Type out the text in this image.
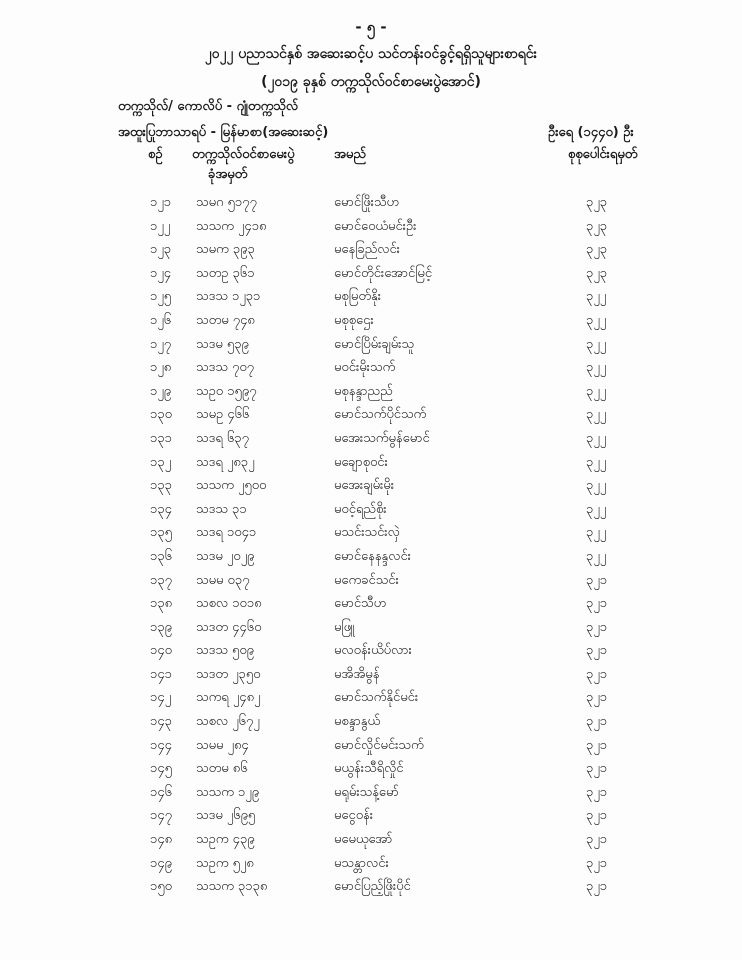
- ၅ -
၂၀၂၂ ပညာသင်နှစ် အဆေးဆင့်ပ သင်တန်းဝင်ခွင့်ရရှိသူများစာရင်း
(၂၀၁၉ ခုနှစ် တက္ကသိုလ်ဝင်စာမေးပွဲအောင်)
တက္ကသိုလ်/ ကောလိပ် - ဂျုံတက္ကသိုလ်
အထူးပြုဘာသာရပ် - မြန်မာစာ(အဆေးဆင့်)	ဦးရေ (၁၄၄၀) ဦး
စဉ် တက္ကသိုလ်ဝင်စာမေးပွဲ
ခုံအမှတ်
အမည်	စုစုပေါင်းရမှတ်
၁၂၁ သမဂ ၅၁၇၇	မောင်ဖြိုးသီဟ	၃၂၃
၁၂၂ သသက ၂၄၁၈	မောင်ဝေယံမင်းဦး	၃၂၃
၁၂၃ သမက ၃၉၃	မနေခြည်လင်း	၃၂၃
၁၂၄ သတဥ ၃၆၁	မောင်တိုင်းအောင်မြင့်	၃၂၃
၁၂၅ သဒသ ၁၂၃၁	မစုမြတ်နိုး	၃၂၂
၁၂၆ သတမ ၇၄၈	မစုစုဌေး	၃၂၂
၁၂၇ သဒမ ၅၃၉	မောင်ပြိမ်းချမ်းသူ	၃၂၂
၁၂၈ သဒသ ၇၀၇	မဝင်းမိုးသက်	၃၂၂
၁၂၉ သဥဝ ၁၅၉၇	မစုနန္ဒာညည်	၃၂၂
၁၃၀ သမဥ ၄၆၆	မောင်သက်ပိုင်သက်	၃၂၂
၁၃၁ သဒရ ၆၃၇	မအေးသက်မွန်မောင်	၃၂၂
၁၃၂ သဒရ ၂၈၃၂	မချောစုဝင်း	၃၂၂
၁၃၃ သသက ၂၅၀၀	မအေးချမ်းမိုး	၃၂၂
၁၃၄ သဒသ ၃၁	မဝင့်ရည်စိုး	၃၂၂
၁၃၅ သဒရ ၁၀၄၁	မသင်းသင်းလှဲ	၃၂၂
၁၃၆ သဒမ ၂၀၂၉	မောင်နေနန္ဒလင်း	၃၂၂
၁၃၇ သမမ ၀၃၇	မကေခင်သင်း	၃၂၁
၁၃၈ သစလ ၁၀၁၈	မောင်သီဟ	၃၂၁
၁၃၉ သဒတ ၄၄၆၀	မဖြူ	၃၂၁
၁၄၀ သဒသ ၅၀၉	မလဝန်းယိပ်လား	၃၂၁
၁၄၁ သဒတ ၂၃၅၀	မအိအိမွန်	၃၂၁
၁၄၂ သကရ ၂၄၈၂	မောင်သက်နိုင်မင်း	၃၂၁
၁၄၃ သစလ ၂၆၇၂	မစန္ဒာနွယ်	၃၂၁
၁၄၄ သမမ ၂၈၄	မောင်လှိုင်မင်းသက်	၃၂၁
၁၄၅ သတမ ၈၆	မယွန်းသီရိလှိုင်	၃၂၁
၁၄၆ သသက ၁၂၉	မရုမ်းသန့်မော်	၃၂၁
၁၄၇ သဒမ ၂၆၉၅	မငွေဝန်း	၃၂၁
၁၄၈ သဥက ၄၃၉	မမေယုအော်	၃၂၁
၁၄၉ သဥက ၅၂၈	မသန္တာလင်း	၃၂၁
၁၅၀ သသက ၃၁၃၈	မောင်ပြည့်ဖြိုးပိုင်	၃၂၁
